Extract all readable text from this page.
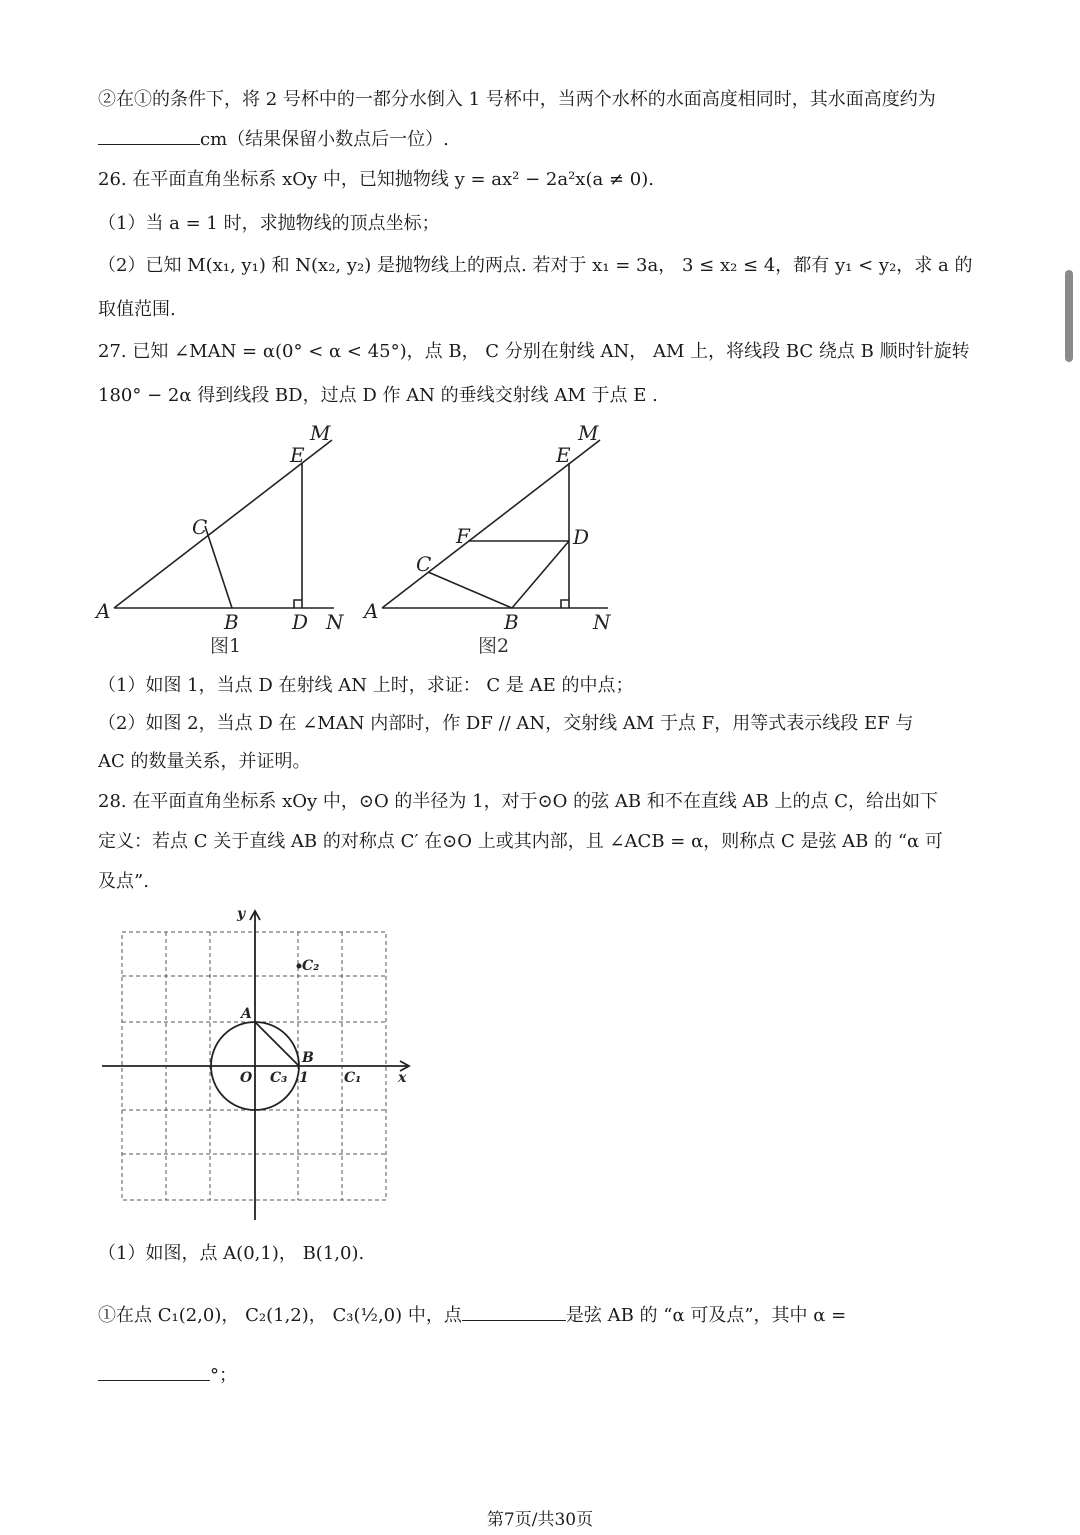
②在①的条件下，将 2 号杯中的一都分水倒入 1 号杯中，当两个水杯的水面高度相同时，其水面高度约为
cm（结果保留小数点后一位）.
26. 在平面直角坐标系 xOy 中，已知抛物线 y = ax² − 2a²x(a ≠ 0).
（1）当 a = 1 时，求抛物线的顶点坐标；
（2）已知 M(x₁, y₁) 和 N(x₂, y₂) 是抛物线上的两点. 若对于 x₁ = 3a， 3 ≤ x₂ ≤ 4，都有 y₁ < y₂，求 a 的
取值范围.
27. 已知 ∠MAN = α(0° < α < 45°)，点 B， C 分别在射线 AN， AM 上，将线段 BC 绕点 B 顺时针旋转
180° − 2α 得到线段 BD，过点 D 作 AN 的垂线交射线 AM 于点 E .
M
E
C
A	B	D N
图1
M
E
F	D
C
A	B	N
图2
（1）如图 1，当点 D 在射线 AN 上时，求证： C 是 AE 的中点；
（2）如图 2，当点 D 在 ∠MAN 内部时，作 DF // AN，交射线 AM 于点 F，用等式表示线段 EF 与
AC 的数量关系，并证明。
28. 在平面直角坐标系 xOy 中，⊙O 的半径为 1，对于⊙O 的弦 AB 和不在直线 AB 上的点 C，给出如下
定义：若点 C 关于直线 AB 的对称点 C′ 在⊙O 上或其内部，且 ∠ACB = α，则称点 C 是弦 AB 的 “α 可
及点”.
y
x
O
A
B
1
C₃	C₁
C₂
（1）如图，点 A(0,1)， B(1,0).
①在点 C₁(2,0)， C₂(1,2)， C₃(½,0) 中，点	是弦 AB 的 “α 可及点”，其中 α =
°；
第7页/共30页
